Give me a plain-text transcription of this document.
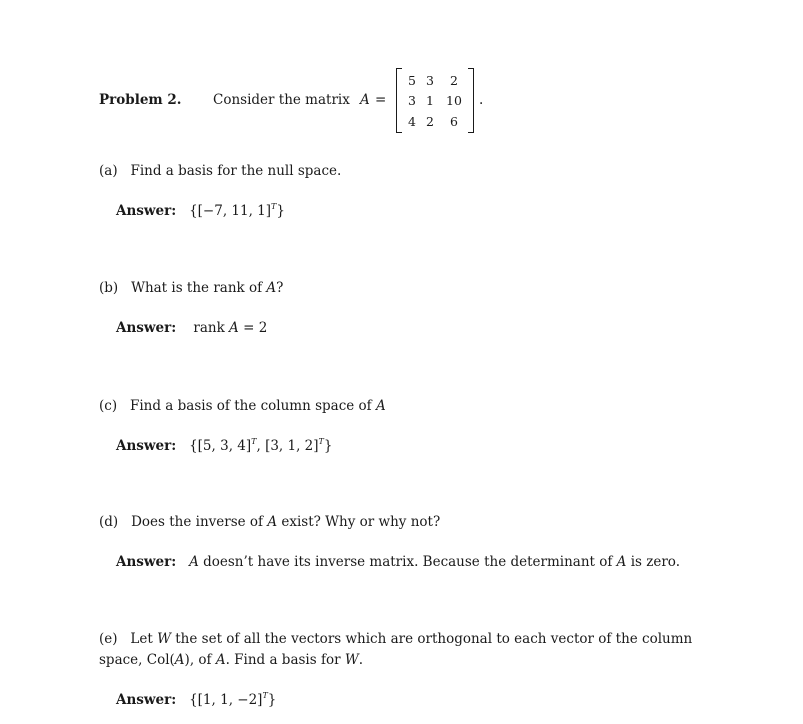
Problem 2. Consider the matrix A =
5 3	2
3 1 10
4 2	6
.
(a) Find a basis for the null space.
Answer: {[−7, 11, 1]$^T$}
(b) What is the rank of A?
Answer: rank A = 2
(c) Find a basis of the column space of A
Answer: {[5, 3, 4]$^T$, [3, 1, 2]$^T$}
(d) Does the inverse of A exist? Why or why not?
Answer: A doesn’t have its inverse matrix. Because the determinant of A is zero.
(e) Let W the set of all the vectors which are orthogonal to each vector of the column
space, Col(A), of A. Find a basis for W.
Answer: {[1, 1, −2]$^T$}
